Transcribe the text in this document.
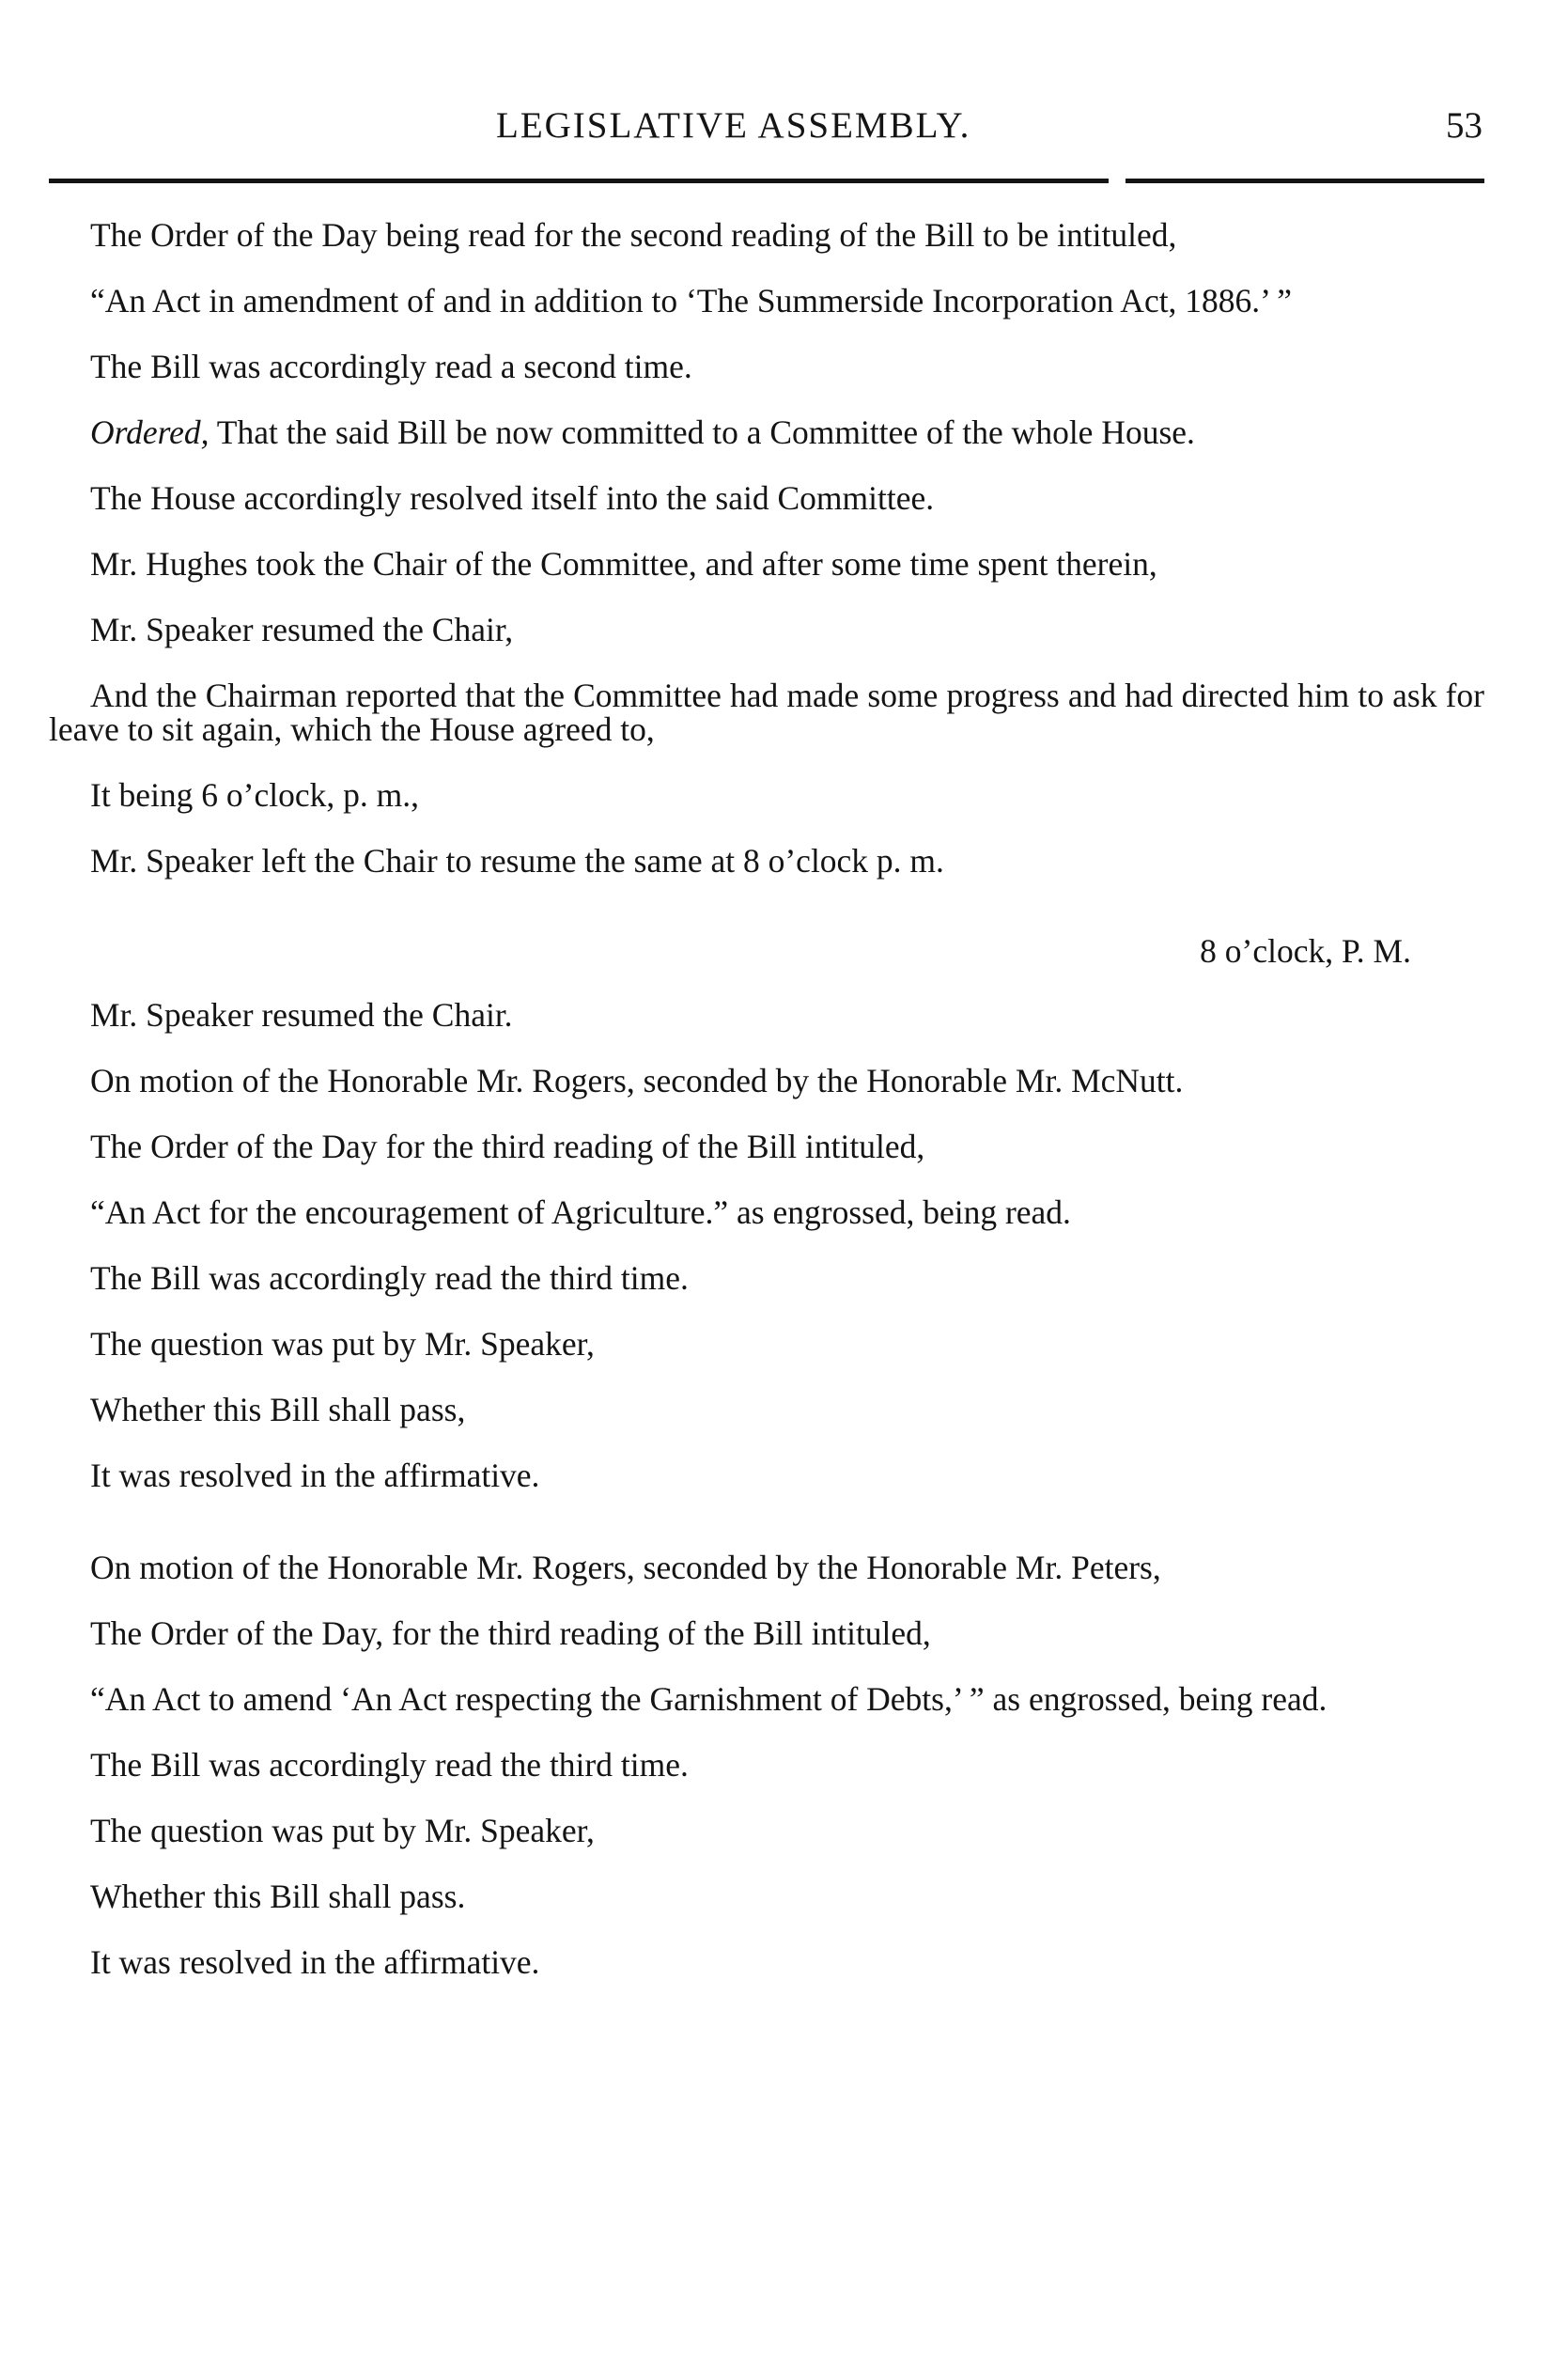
LEGISLATIVE ASSEMBLY.	53

The Order of the Day being read for the second reading of the Bill to be intituled,

“An Act in amendment of and in addition to ‘The Summerside Incorporation Act, 1886.’ ”

The Bill was accordingly read a second time.

Ordered, That the said Bill be now committed to a Committee of the whole House.

The House accordingly resolved itself into the said Committee.

Mr. Hughes took the Chair of the Committee, and after some time spent therein,

Mr. Speaker resumed the Chair,

And the Chairman reported that the Committee had made some progress and had directed him to ask for leave to sit again, which the House agreed to,

It being 6 o’clock, p. m.,

Mr. Speaker left the Chair to resume the same at 8 o’clock p. m.

8 o’clock, P. M.

Mr. Speaker resumed the Chair.

On motion of the Honorable Mr. Rogers, seconded by the Honorable Mr. McNutt.

The Order of the Day for the third reading of the Bill intituled,

“An Act for the encouragement of Agriculture.” as engrossed, being read.

The Bill was accordingly read the third time.

The question was put by Mr. Speaker,

Whether this Bill shall pass,

It was resolved in the affirmative.

On motion of the Honorable Mr. Rogers, seconded by the Honorable Mr. Peters,

The Order of the Day, for the third reading of the Bill intituled,

“An Act to amend ‘An Act respecting the Garnishment of Debts,’ ” as engrossed, being read.

The Bill was accordingly read the third time.

The question was put by Mr. Speaker,

Whether this Bill shall pass.

It was resolved in the affirmative.
